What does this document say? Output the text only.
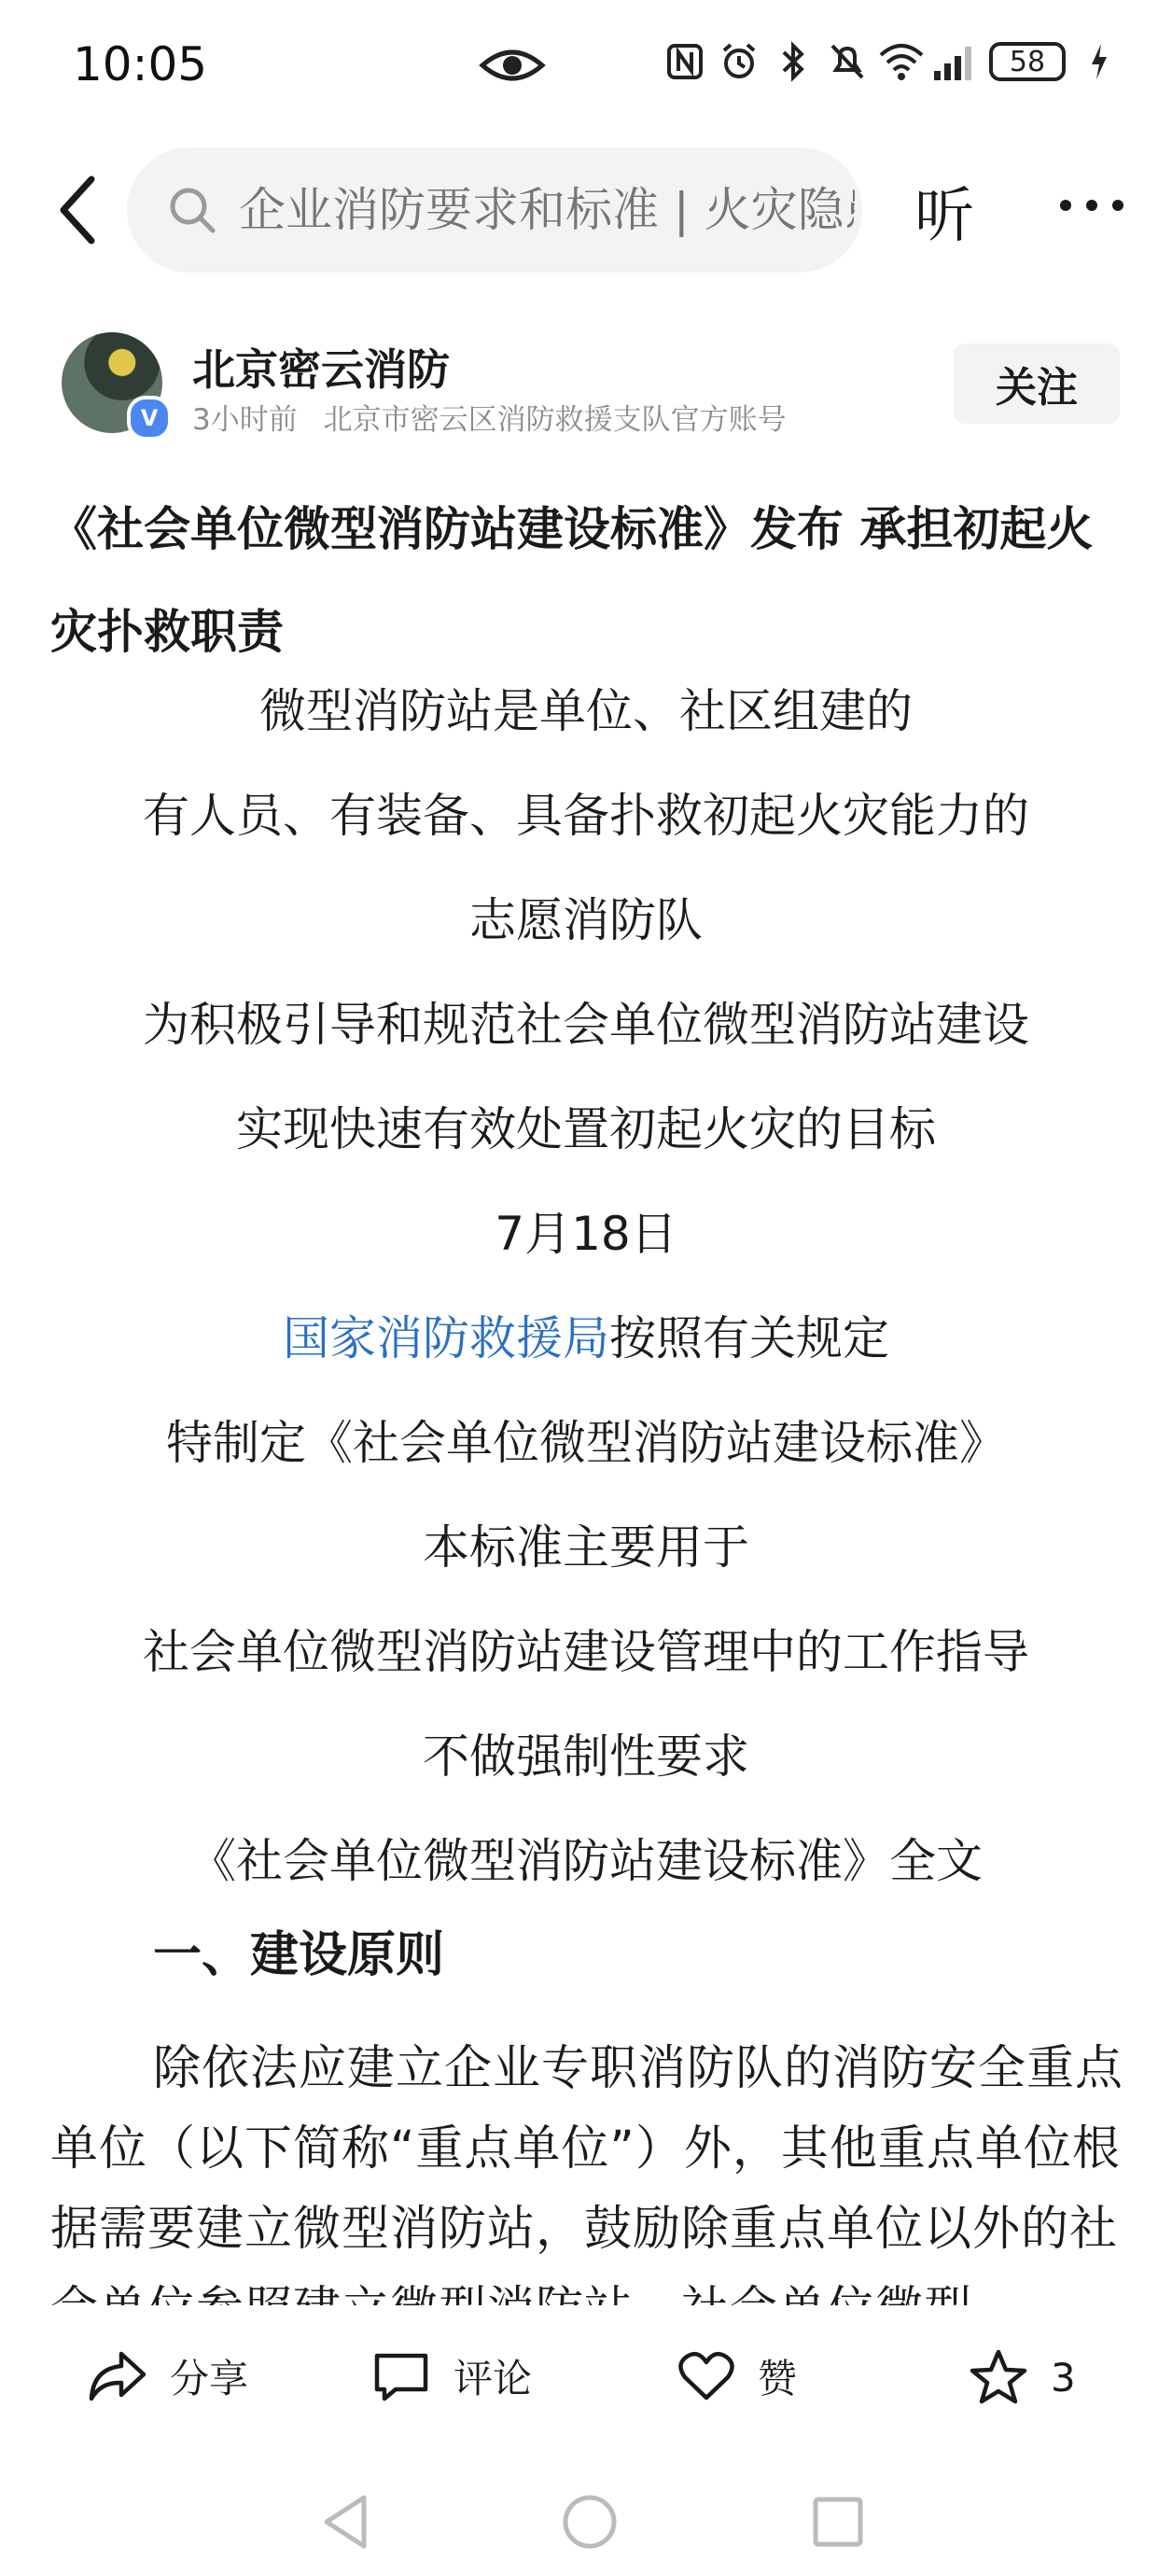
10:05	58
企业消防要求和标准 | 火灾隐患
听
V
北京密云消防
3小时前 北京市密云区消防救援支队官方账号
关注
《社会单位微型消防站建设标准》发布 承担初起火灾扑救职责
微型消防站是单位、社区组建的
有人员、有装备、具备扑救初起火灾能力的
志愿消防队
为积极引导和规范社会单位微型消防站建设
实现快速有效处置初起火灾的目标
7月18日
国家消防救援局按照有关规定
特制定《社会单位微型消防站建设标准》
本标准主要用于
社会单位微型消防站建设管理中的工作指导
不做强制性要求
《社会单位微型消防站建设标准》全文
一、建设原则
除依法应建立企业专职消防队的消防安全重点单位（以下简称“重点单位”）外，其他重点单位根据需要建立微型消防站，鼓励除重点单位以外的社
分享	评论	赞	3
